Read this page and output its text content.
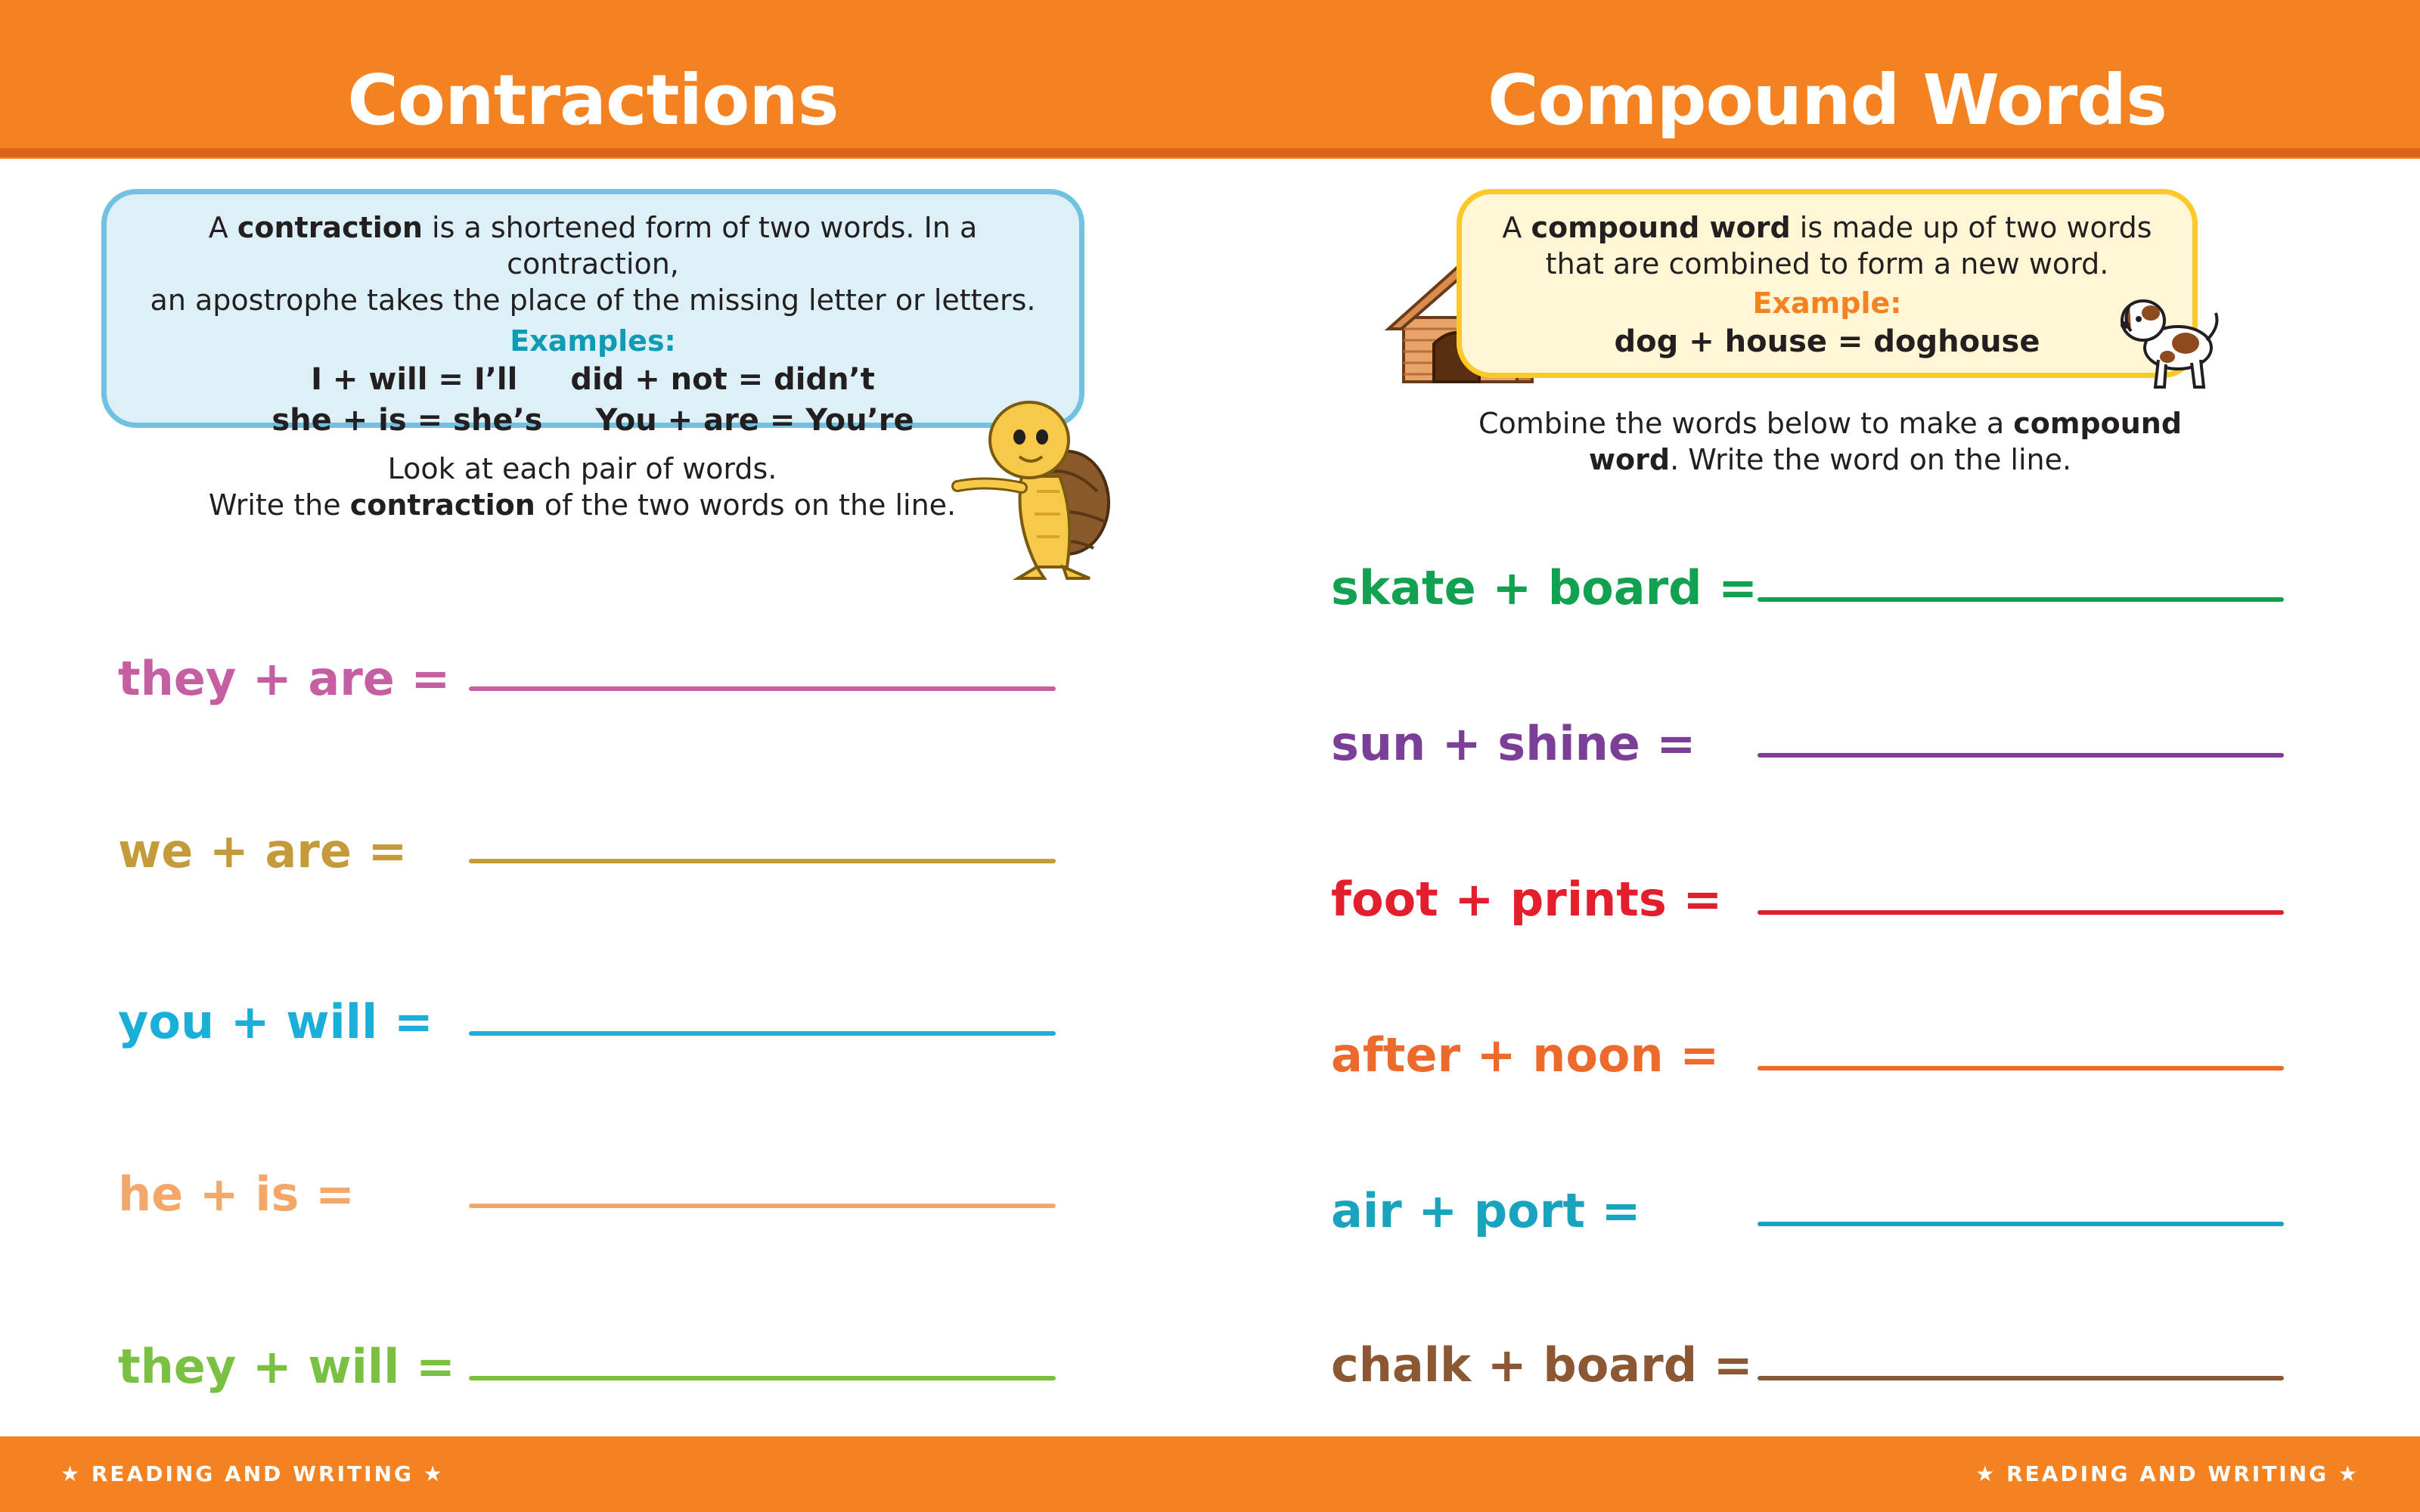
Contractions	Compound Words
A contraction is a shortened form of two words. In a contraction,
an apostrophe takes the place of the missing letter or letters.
Examples:
I + will = I’ll did + not = didn’t
she + is = she’s You + are = You’re
Look at each pair of words.
Write the contraction of the two words on the line.
they + are =
we + are =
you + will =
he + is =
they + will =
A compound word is made up of two words
that are combined to form a new word.
Example:
dog + house = doghouse
Combine the words below to make a compound
word. Write the word on the line.
skate + board =
sun + shine =
foot + prints =
after + noon =
air + port =
chalk + board =
★ READING AND WRITING ★	★ READING AND WRITING ★
